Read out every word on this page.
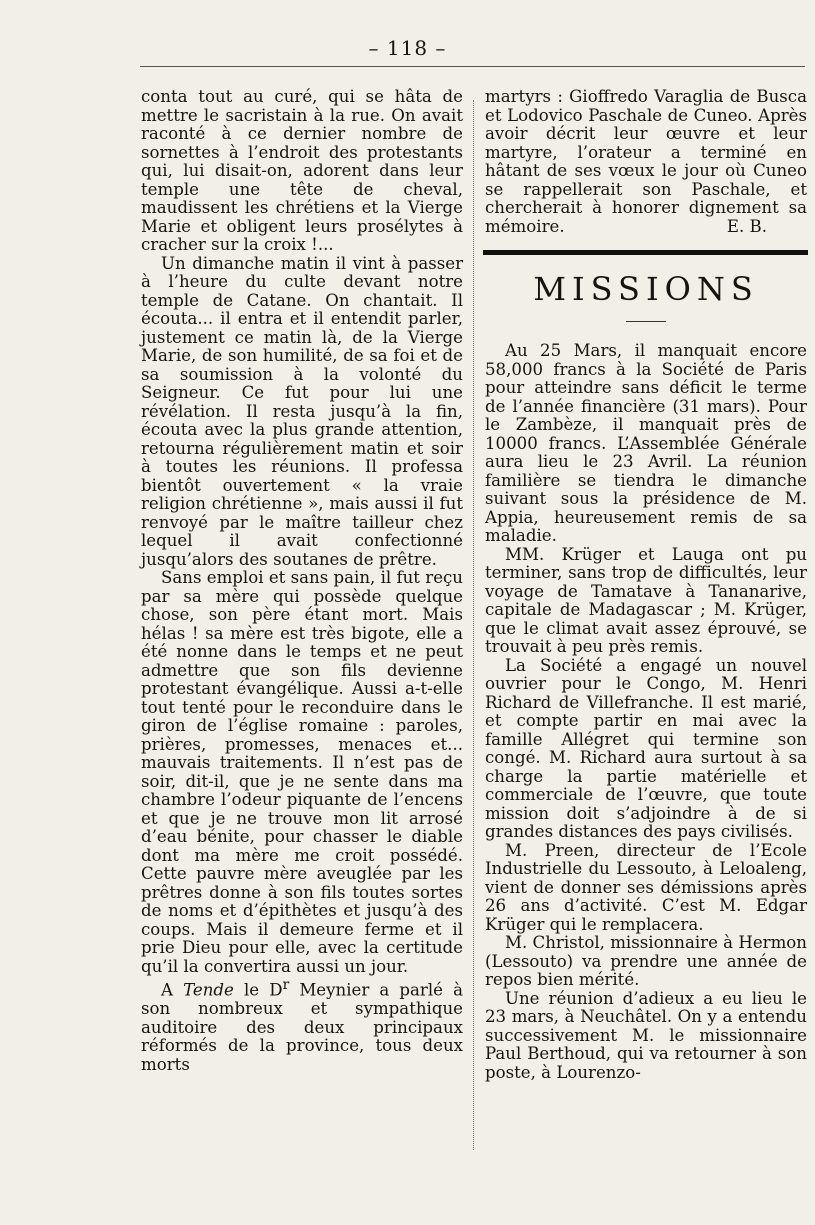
– 118 –

conta tout au curé, qui se hâta de mettre le sacristain à la rue. On avait raconté à ce dernier nombre de sornettes à l’endroit des protestants qui, lui disait-on, adorent dans leur temple une tête de cheval, maudissent les chrétiens et la Vierge Marie et obligent leurs prosélytes à cracher sur la croix !...

Un dimanche matin il vint à passer à l’heure du culte devant notre temple de Catane. On chantait. Il écouta... il entra et il entendit parler, justement ce matin là, de la Vierge Marie, de son humilité, de sa foi et de sa soumission à la volonté du Seigneur. Ce fut pour lui une révélation. Il resta jusqu’à la fin, écouta avec la plus grande attention, retourna régulièrement matin et soir à toutes les réunions. Il professa bientôt ouvertement « la vraie religion chrétienne », mais aussi il fut renvoyé par le maître tailleur chez lequel il avait confectionné jusqu’alors des soutanes de prêtre.

Sans emploi et sans pain, il fut reçu par sa mère qui possède quelque chose, son père étant mort. Mais hélas ! sa mère est très bigote, elle a été nonne dans le temps et ne peut admettre que son fils devienne protestant évangélique. Aussi a-t-elle tout tenté pour le reconduire dans le giron de l’église romaine : paroles, prières, promesses, menaces et... mauvais traitements. Il n’est pas de soir, dit-il, que je ne sente dans ma chambre l’odeur piquante de l’encens et que je ne trouve mon lit arrosé d’eau bénite, pour chasser le diable dont ma mère me croit possédé. Cette pauvre mère aveuglée par les prêtres donne à son fils toutes sortes de noms et d’épithètes et jusqu’à des coups. Mais il demeure ferme et il prie Dieu pour elle, avec la certitude qu’il la convertira aussi un jour.

A Tende le $D^r$ Meynier a parlé à son nombreux et sympathique auditoire des deux principaux réformés de la province, tous deux morts

martyrs : Gioffredo Varaglia de Busca et Lodovico Paschale de Cuneo. Après avoir décrit leur œuvre et leur martyre, l’orateur a terminé en hâtant de ses vœux le jour où Cuneo se rappellerait son Paschale, et chercherait à honorer dignement sa mémoire.	E. B.

MISSIONS

Au 25 Mars, il manquait encore 58,000 francs à la Société de Paris pour atteindre sans déficit le terme de l’année financière (31 mars). Pour le Zambèze, il manquait près de 10000 francs. L’Assemblée Générale aura lieu le 23 Avril. La réunion familière se tiendra le dimanche suivant sous la présidence de M. Appia, heureusement remis de sa maladie.

MM. Krüger et Lauga ont pu terminer, sans trop de difficultés, leur voyage de Tamatave à Tananarive, capitale de Madagascar ; M. Krüger, que le climat avait assez éprouvé, se trouvait à peu près remis.

La Société a engagé un nouvel ouvrier pour le Congo, M. Henri Richard de Villefranche. Il est marié, et compte partir en mai avec la famille Allégret qui termine son congé. M. Richard aura surtout à sa charge la partie matérielle et commerciale de l’œuvre, que toute mission doit s’adjoindre à de si grandes distances des pays civilisés.

M. Preen, directeur de l’Ecole Industrielle du Lessouto, à Leloaleng, vient de donner ses démissions après 26 ans d’activité. C’est M. Edgar Krüger qui le remplacera.

M. Christol, missionnaire à Hermon (Lessouto) va prendre une année de repos bien mérité.

Une réunion d’adieux a eu lieu le 23 mars, à Neuchâtel. On y a entendu successivement M. le missionnaire Paul Berthoud, qui va retourner à son poste, à Lourenzo-
